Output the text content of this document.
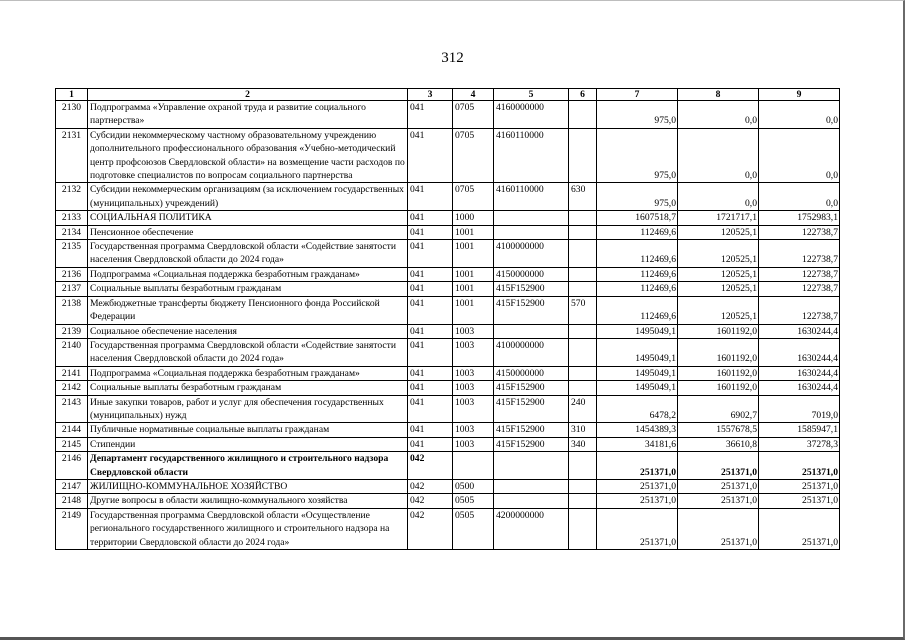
312
1	2	3	4	5	6	7	8	9
2130	Подпрограмма «Управление охраной труда и развитие социального партнерства»	041	0705	4160000000		975,0	0,0	0,0
2131	Субсидии некоммерческому частному образовательному учреждению дополнительного профессионального образования «Учебно-методический центр профсоюзов Свердловской области» на возмещение части расходов по подготовке специалистов по вопросам социального партнерства	041	0705	4160110000		975,0	0,0	0,0
2132	Субсидии некоммерческим организациям (за исключением государственных (муниципальных) учреждений)	041	0705	4160110000	630	975,0	0,0	0,0
2133	СОЦИАЛЬНАЯ ПОЛИТИКА	041	1000			1607518,7	1721717,1	1752983,1
2134	Пенсионное обеспечение	041	1001			112469,6	120525,1	122738,7
2135	Государственная программа Свердловской области «Содействие занятости населения Свердловской области до 2024 года»	041	1001	4100000000		112469,6	120525,1	122738,7
2136	Подпрограмма «Социальная поддержка безработным гражданам»	041	1001	4150000000		112469,6	120525,1	122738,7
2137	Социальные выплаты безработным гражданам	041	1001	415F152900		112469,6	120525,1	122738,7
2138	Межбюджетные трансферты бюджету Пенсионного фонда Российской Федерации	041	1001	415F152900	570	112469,6	120525,1	122738,7
2139	Социальное обеспечение населения	041	1003			1495049,1	1601192,0	1630244,4
2140	Государственная программа Свердловской области «Содействие занятости населения Свердловской области до 2024 года»	041	1003	4100000000		1495049,1	1601192,0	1630244,4
2141	Подпрограмма «Социальная поддержка безработным гражданам»	041	1003	4150000000		1495049,1	1601192,0	1630244,4
2142	Социальные выплаты безработным гражданам	041	1003	415F152900		1495049,1	1601192,0	1630244,4
2143	Иные закупки товаров, работ и услуг для обеспечения государственных (муниципальных) нужд	041	1003	415F152900	240	6478,2	6902,7	7019,0
2144	Публичные нормативные социальные выплаты гражданам	041	1003	415F152900	310	1454389,3	1557678,5	1585947,1
2145	Стипендии	041	1003	415F152900	340	34181,6	36610,8	37278,3
2146	Департамент государственного жилищного и строительного надзора Свердловской области	042				251371,0	251371,0	251371,0
2147	ЖИЛИЩНО-КОММУНАЛЬНОЕ ХОЗЯЙСТВО	042	0500			251371,0	251371,0	251371,0
2148	Другие вопросы в области жилищно-коммунального хозяйства	042	0505			251371,0	251371,0	251371,0
2149	Государственная программа Свердловской области «Осуществление регионального государственного жилищного и строительного надзора на территории Свердловской области до 2024 года»	042	0505	4200000000		251371,0	251371,0	251371,0
